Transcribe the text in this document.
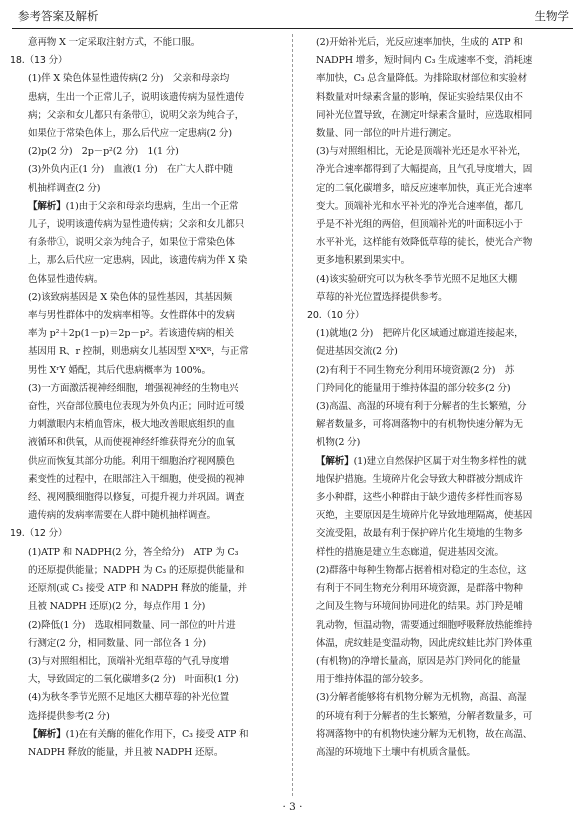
参考答案及解析	生物学
意再物 X 一定采取注射方式，不能口服。
18.（13 分）
(1)伴 X 染色体显性遗传病(2 分)　父亲和母亲均
患病，生出一个正常儿子，说明该遗传病为显性遗传
病；父亲和女儿都只有条带①，说明父亲为纯合子，
如果位于常染色体上，那么后代应一定患病(2 分)
(2)p(2 分)　2p－p²(2 分)　1(1 分)
(3)外负内正(1 分)　血液(1 分)　在广大人群中随
机抽样调查(2 分)
【解析】(1)由于父亲和母亲均患病，生出一个正常
儿子，说明该遗传病为显性遗传病；父亲和女儿都只
有条带①，说明父亲为纯合子，如果位于常染色体
上，那么后代应一定患病，因此，该遗传病为伴 X 染
色体显性遗传病。
(2)该致病基因是 X 染色体的显性基因，其基因频
率与男性群体中的发病率相等。女性群体中的发病
率为 p²＋2p(1－p)＝2p－p²。若该遗传病的相关
基因用 R、r 控制，则患病女儿基因型 XᴿXᴿ，与正常
男性 XʳY 婚配，其后代患病概率为 100%。
(3)一方面激活视神经细胞，增强视神经的生物电兴
奋性，兴奋部位膜电位表现为外负内正；同时近可缓
力刺激眼内末梢血管床，极大地改善眼底组织的血
液循环和供氧，从而使视神经纤维获得充分的血氧
供应而恢复其部分功能。利用干细胞治疗视网膜色
素变性的过程中，在眼部注入干细胞，使受损的视神
经、视网膜细胞得以修复，可提升视力并巩固。调查
遗传病的发病率需要在人群中随机抽样调查。
19.（12 分）
(1)ATP 和 NADPH(2 分，答全给分)　ATP 为 C₃
的还原提供能量；NADPH 为 C₃ 的还原提供能量和
还原剂(或 C₃ 接受 ATP 和 NADPH 释放的能量，并
且被 NADPH 还原)(2 分，每点作用 1 分)
(2)降低(1 分)　选取相同数量、同一部位的叶片进
行测定(2 分，相同数量、同一部位各 1 分)
(3)与对照组相比，顶端补光组草莓的气孔导度增
大，导致固定的二氧化碳增多(2 分)　叶面积(1 分)
(4)为秋冬季节光照不足地区大棚草莓的补光位置
选择提供参考(2 分)
【解析】(1)在有关酶的催化作用下，C₃ 接受 ATP 和
NADPH 释放的能量，并且被 NADPH 还原。
(2)开始补光后，光反应速率加快，生成的 ATP 和
NADPH 增多，短时间内 C₃ 生成速率不变，消耗速
率加快，C₃ 总含量降低。为排除取材部位和实验材
料数量对叶绿素含量的影响，保证实验结果仅由不
同补光位置导致，在测定叶绿素含量时，应选取相同
数量、同一部位的叶片进行测定。
(3)与对照组相比，无论是顶端补光还是水平补光，
净光合速率都得到了大幅提高，且气孔导度增大，固
定的二氧化碳增多，暗反应速率加快，真正光合速率
变大。顶端补光和水平补光的净光合速率值，都几
乎是不补光组的两倍，但顶端补光的叶面积远小于
水平补光，这样能有效降低草莓的徒长，使光合产物
更多地积累到果实中。
(4)该实验研究可以为秋冬季节光照不足地区大棚
草莓的补光位置选择提供参考。
20.（10 分）
(1)就地(2 分)　把碎片化区域通过廊道连接起来，
促进基因交流(2 分)
(2)有利于不同生物充分利用环境资源(2 分)　苏
门羚同化的能量用于维持体温的部分较多(2 分)
(3)高温、高湿的环境有利于分解者的生长繁殖，分
解者数量多，可将凋落物中的有机物快速分解为无
机物(2 分)
【解析】(1)建立自然保护区属于对生物多样性的就
地保护措施。生境碎片化会导致大种群被分割成许
多小种群，这些小种群由于缺少遗传多样性而容易
灭绝，主要原因是生境碎片化导致地理隔离，使基因
交流受阻，故最有利于保护碎片化生境地的生物多
样性的措施是建立生态廊道，促进基因交流。
(2)群落中每种生物都占据着相对稳定的生态位，这
有利于不同生物充分利用环境资源，是群落中物种
之间及生物与环境间协同进化的结果。苏门羚是哺
乳动物，恒温动物，需要通过细胞呼吸释放热能维持
体温，虎纹蛙是变温动物，因此虎纹蛙比苏门羚体重
(有机物)的净增长量高，原因是苏门羚同化的能量
用于维持体温的部分较多。
(3)分解者能够将有机物分解为无机物，高温、高湿
的环境有利于分解者的生长繁殖，分解者数量多，可
将凋落物中的有机物快速分解为无机物，故在高温、
高湿的环境地下土壤中有机质含量低。
· 3 ·
